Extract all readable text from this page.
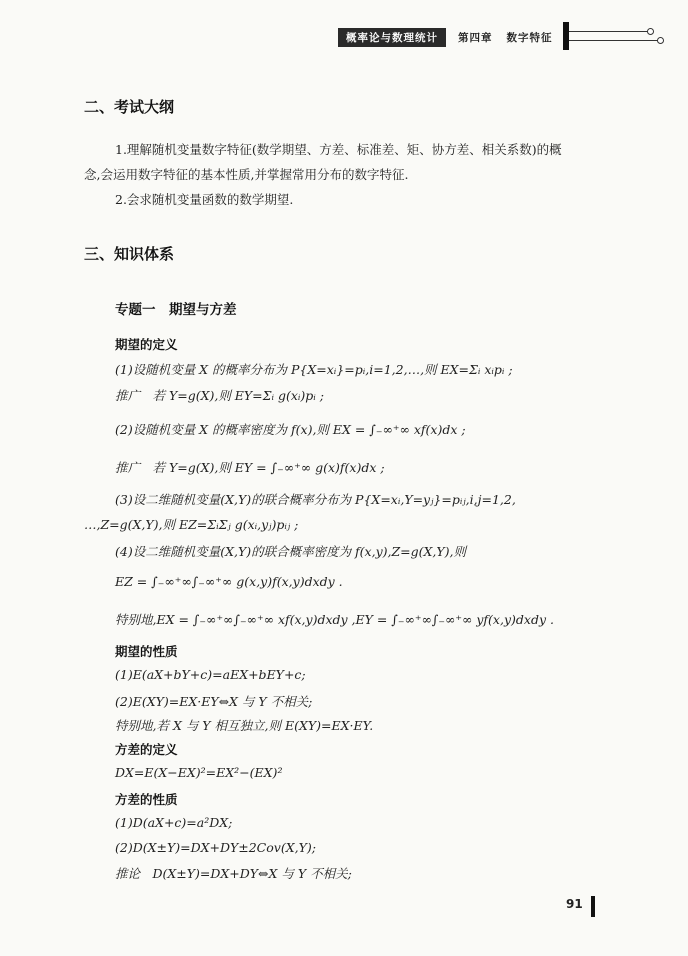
概率论与数理统计	第四章 数字特征
二、考试大纲
1.理解随机变量数字特征(数学期望、方差、标准差、矩、协方差、相关系数)的概
念,会运用数字特征的基本性质,并掌握常用分布的数字特征.
2.会求随机变量函数的数学期望.
三、知识体系
专题一　期望与方差
期望的定义
(1)设随机变量 X 的概率分布为 P{X=xᵢ}=pᵢ,i=1,2,…,则 EX=Σᵢ xᵢpᵢ ;
推广　若 Y=g(X),则 EY=Σᵢ g(xᵢ)pᵢ ;
(2)设随机变量 X 的概率密度为 f(x),则 EX = ∫₋∞⁺∞ xf(x)dx ;
推广　若 Y=g(X),则 EY = ∫₋∞⁺∞ g(x)f(x)dx ;
(3)设二维随机变量(X,Y)的联合概率分布为 P{X=xᵢ,Y=yⱼ}=pᵢⱼ,i,j=1,2,
…,Z=g(X,Y),则 EZ=ΣᵢΣⱼ g(xᵢ,yⱼ)pᵢⱼ ;
(4)设二维随机变量(X,Y)的联合概率密度为 f(x,y),Z=g(X,Y),则
EZ = ∫₋∞⁺∞∫₋∞⁺∞ g(x,y)f(x,y)dxdy .
特别地,EX = ∫₋∞⁺∞∫₋∞⁺∞ xf(x,y)dxdy ,EY = ∫₋∞⁺∞∫₋∞⁺∞ yf(x,y)dxdy .
期望的性质
(1)E(aX+bY+c)=aEX+bEY+c;
(2)E(XY)=EX·EY⇔X 与 Y 不相关;
特别地,若 X 与 Y 相互独立,则 E(XY)=EX·EY.
方差的定义
DX=E(X−EX)²=EX²−(EX)²
方差的性质
(1)D(aX+c)=a²DX;
(2)D(X±Y)=DX+DY±2Cov(X,Y);
推论　D(X±Y)=DX+DY⇔X 与 Y 不相关;
91
